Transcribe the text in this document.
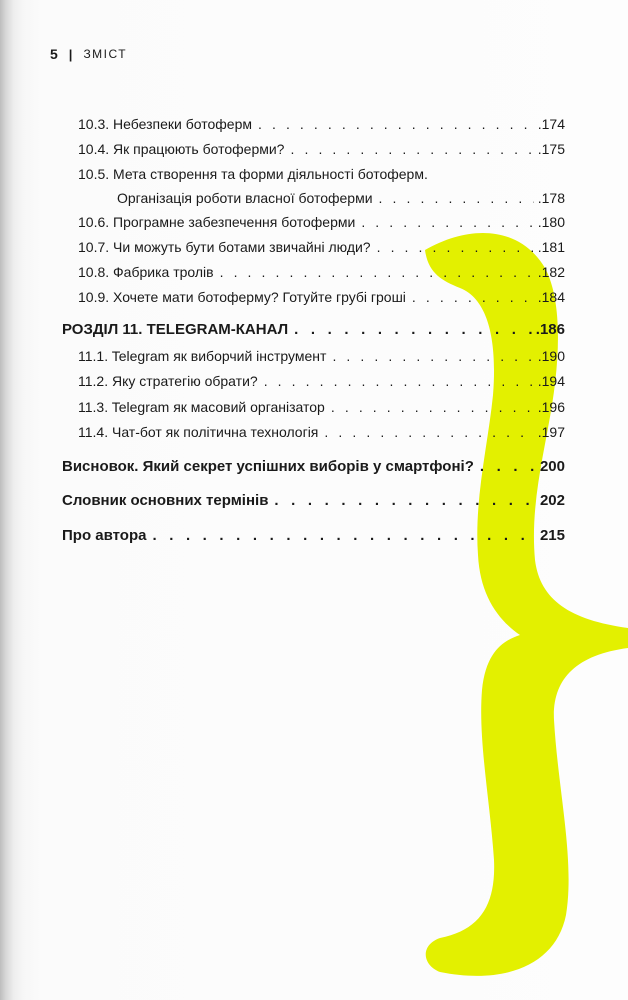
5 | ЗМІСТ
10.3. Небезпеки ботоферм . . .	.174
10.4. Як працюють ботоферми? . . .	.175
10.5. Мета створення та форми діяльності ботоферм.
Організація роботи власної ботоферми . . .	.178
10.6. Програмне забезпечення ботоферми . . .	.180
10.7. Чи можуть бути ботами звичайні люди? . . .	.181
10.8. Фабрика тролів . . .	.182
10.9. Хочете мати ботоферму? Готуйте грубі гроші . . .	.184
РОЗДІЛ 11. TELEGRAM-КАНАЛ . . .	.186
11.1. Telegram як виборчий інструмент . . .	.190
11.2. Яку стратегію обрати? . . .	.194
11.3. Telegram як масовий організатор . . .	.196
11.4. Чат-бот як політична технологія . . .	.197
Висновок. Який секрет успішних виборів у смартфоні? . . .	200
Словник основних термінів . . .	202
Про автора . . .	215
